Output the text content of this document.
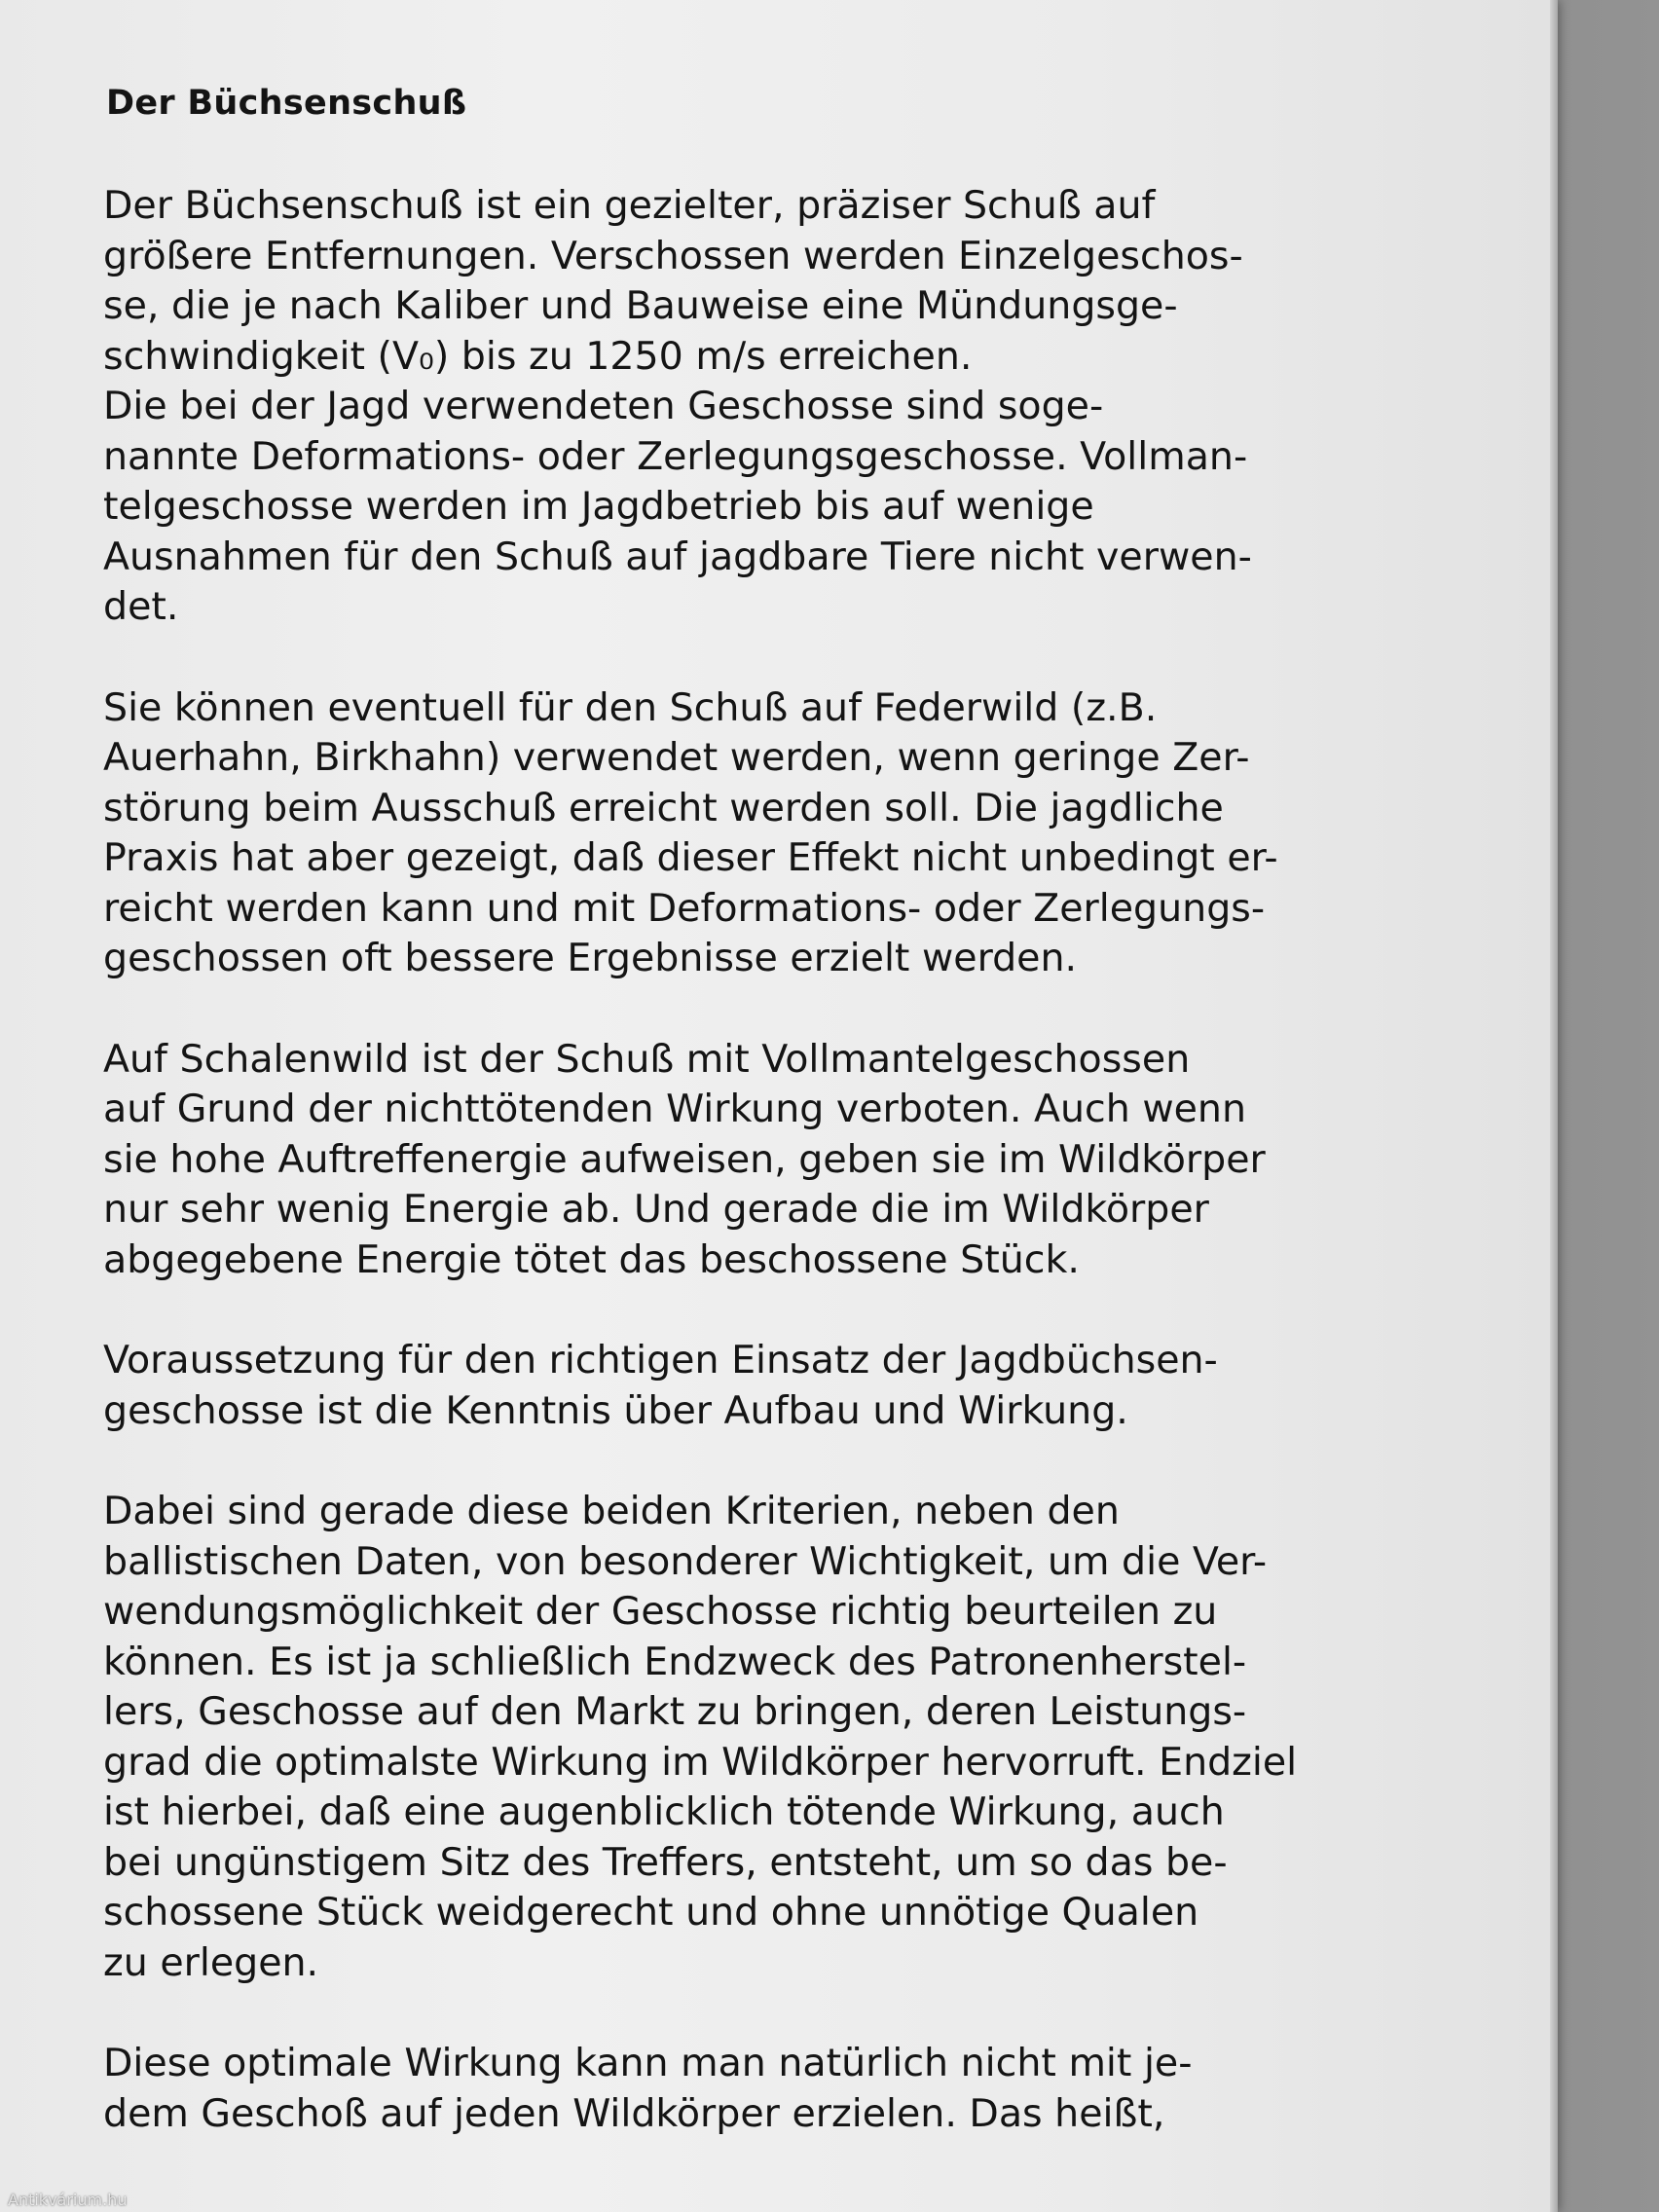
Der Büchsenschuß

Der Büchsenschuß ist ein gezielter, präziser Schuß auf
größere Entfernungen. Verschossen werden Einzelgeschos-
se, die je nach Kaliber und Bauweise eine Mündungsge-
schwindigkeit (V₀) bis zu 1250 m/s erreichen.

Die bei der Jagd verwendeten Geschosse sind soge-
nannte Deformations- oder Zerlegungsgeschosse. Vollman-
telgeschosse werden im Jagdbetrieb bis auf wenige
Ausnahmen für den Schuß auf jagdbare Tiere nicht verwen-
det.

Sie können eventuell für den Schuß auf Federwild (z.B.
Auerhahn, Birkhahn) verwendet werden, wenn geringe Zer-
störung beim Ausschuß erreicht werden soll. Die jagdliche
Praxis hat aber gezeigt, daß dieser Effekt nicht unbedingt er-
reicht werden kann und mit Deformations- oder Zerlegungs-
geschossen oft bessere Ergebnisse erzielt werden.

Auf Schalenwild ist der Schuß mit Vollmantelgeschossen
auf Grund der nichttötenden Wirkung verboten. Auch wenn
sie hohe Auftreffenergie aufweisen, geben sie im Wildkörper
nur sehr wenig Energie ab. Und gerade die im Wildkörper
abgegebene Energie tötet das beschossene Stück.

Voraussetzung für den richtigen Einsatz der Jagdbüchsen-
geschosse ist die Kenntnis über Aufbau und Wirkung.

Dabei sind gerade diese beiden Kriterien, neben den
ballistischen Daten, von besonderer Wichtigkeit, um die Ver-
wendungsmöglichkeit der Geschosse richtig beurteilen zu
können. Es ist ja schließlich Endzweck des Patronenherstel-
lers, Geschosse auf den Markt zu bringen, deren Leistungs-
grad die optimalste Wirkung im Wildkörper hervorruft. Endziel
ist hierbei, daß eine augenblicklich tötende Wirkung, auch
bei ungünstigem Sitz des Treffers, entsteht, um so das be-
schossene Stück weidgerecht und ohne unnötige Qualen
zu erlegen.

Diese optimale Wirkung kann man natürlich nicht mit je-
dem Geschoß auf jeden Wildkörper erzielen. Das heißt,

Antikvárium.hu
